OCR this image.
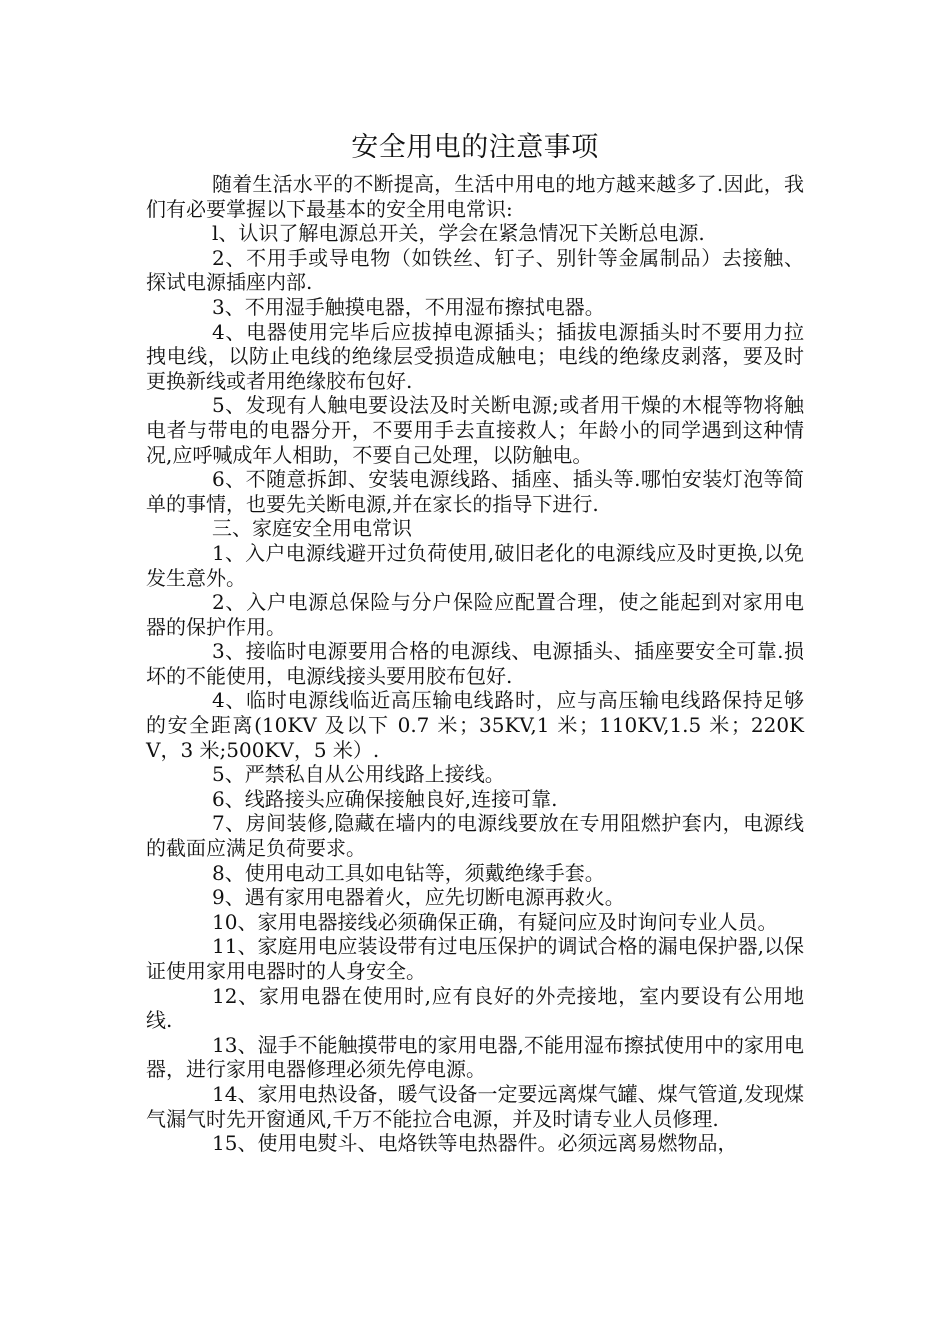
安全用电的注意事项

随着生活水平的不断提高，生活中用电的地方越来越多了.因此，我们有必要掌握以下最基本的安全用电常识:

l、认识了解电源总开关，学会在紧急情况下关断总电源.

2、不用手或导电物（如铁丝、钉子、别针等金属制品）去接触、探试电源插座内部.

3、不用湿手触摸电器，不用湿布擦拭电器。

4、电器使用完毕后应拔掉电源插头；插拔电源插头时不要用力拉拽电线，以防止电线的绝缘层受损造成触电；电线的绝缘皮剥落，要及时更换新线或者用绝缘胶布包好.

5、发现有人触电要设法及时关断电源;或者用干燥的木棍等物将触电者与带电的电器分开，不要用手去直接救人；年龄小的同学遇到这种情况,应呼喊成年人相助，不要自己处理，以防触电。

6、不随意拆卸、安装电源线路、插座、插头等.哪怕安装灯泡等简单的事情，也要先关断电源,并在家长的指导下进行.

三、家庭安全用电常识

1、入户电源线避开过负荷使用,破旧老化的电源线应及时更换,以免发生意外。

2、入户电源总保险与分户保险应配置合理，使之能起到对家用电器的保护作用。

3、接临时电源要用合格的电源线、电源插头、插座要安全可靠.损坏的不能使用，电源线接头要用胶布包好.

4、临时电源线临近高压输电线路时，应与高压输电线路保持足够的安全距离(10KV 及以下 0.7 米；35KV,1 米；110KV,1.5 米；220KV，3 米;500KV，5 米）.

5、严禁私自从公用线路上接线。

6、线路接头应确保接触良好,连接可靠.

7、房间装修,隐藏在墙内的电源线要放在专用阻燃护套内，电源线的截面应满足负荷要求。

8、使用电动工具如电钻等，须戴绝缘手套。

9、遇有家用电器着火，应先切断电源再救火。

10、家用电器接线必须确保正确，有疑问应及时询问专业人员。

11、家庭用电应装设带有过电压保护的调试合格的漏电保护器,以保证使用家用电器时的人身安全。

12、家用电器在使用时,应有良好的外壳接地，室内要设有公用地线.

13、湿手不能触摸带电的家用电器,不能用湿布擦拭使用中的家用电器，进行家用电器修理必须先停电源。

14、家用电热设备，暖气设备一定要远离煤气罐、煤气管道,发现煤气漏气时先开窗通风,千万不能拉合电源，并及时请专业人员修理.

15、使用电熨斗、电烙铁等电热器件。必须远离易燃物品，
